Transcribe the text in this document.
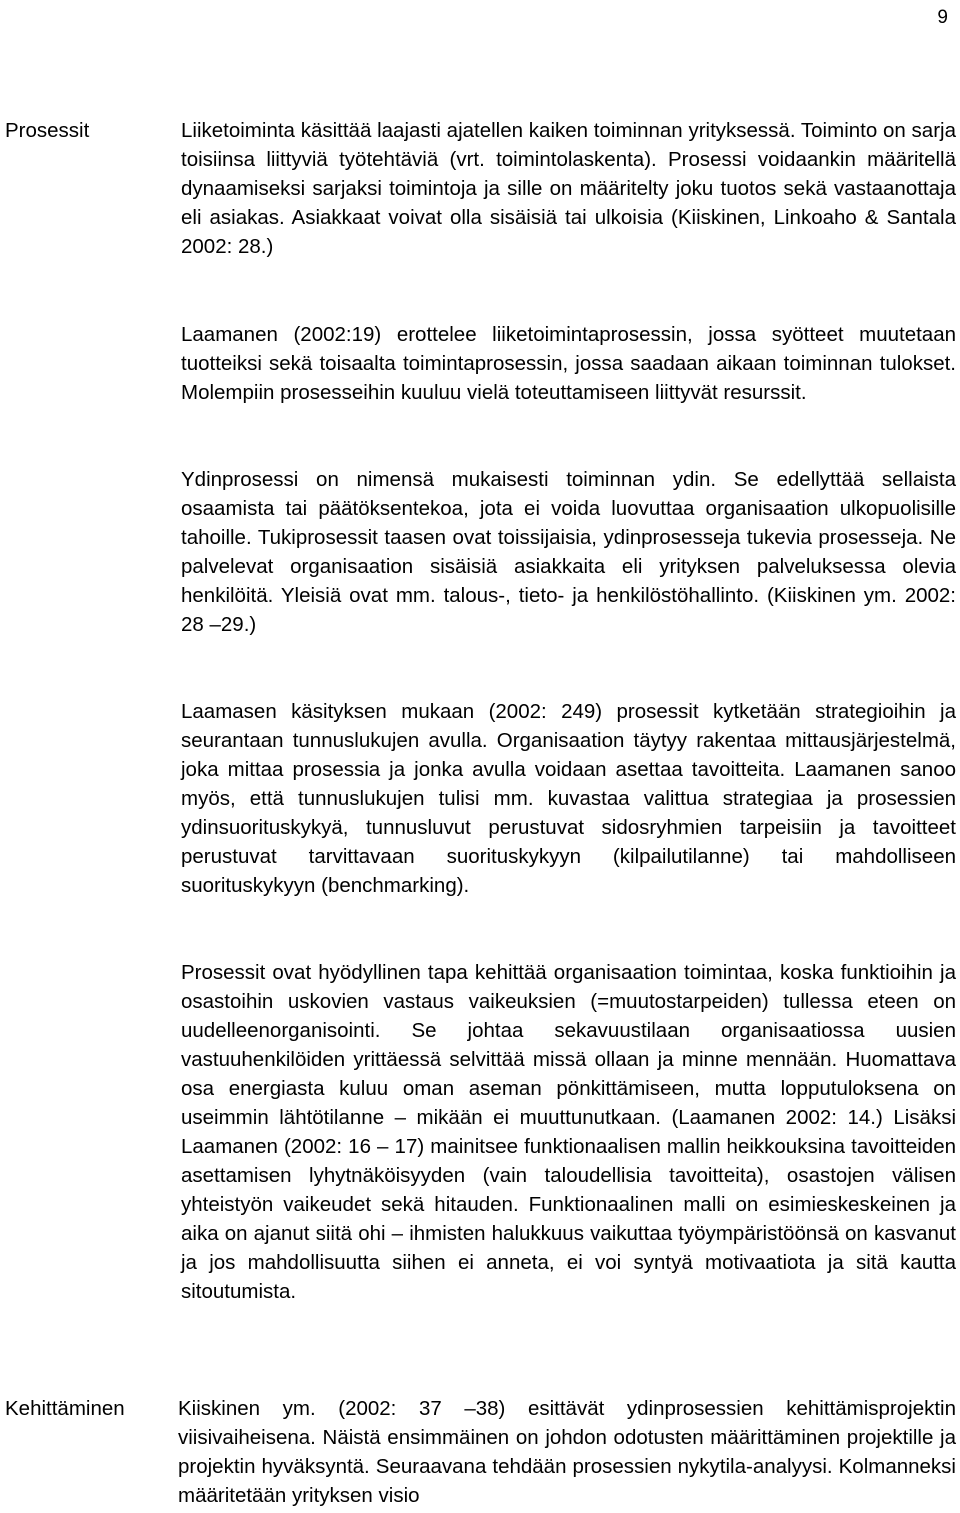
9
Prosessit	Liiketoiminta käsittää laajasti ajatellen kaiken toiminnan yrityksessä. Toiminto on sarja toisiinsa liittyviä työtehtäviä (vrt. toimintolaskenta). Prosessi voidaankin määritellä dynaamiseksi sarjaksi toimintoja ja sille on määritelty joku tuotos sekä vastaanottaja eli asiakas. Asiakkaat voivat olla sisäisiä tai ulkoisia (Kiiskinen, Linkoaho & Santala 2002: 28.)

Laamanen (2002:19) erottelee liiketoimintaprosessin, jossa syötteet muutetaan tuotteiksi sekä toisaalta toimintaprosessin, jossa saadaan aikaan toiminnan tulokset. Molempiin prosesseihin kuuluu vielä toteuttamiseen liittyvät resurssit.

Ydinprosessi on nimensä mukaisesti toiminnan ydin. Se edellyttää sellaista osaamista tai päätöksentekoa, jota ei voida luovuttaa organisaation ulkopuolisille tahoille. Tukiprosessit taasen ovat toissijaisia, ydinprosesseja tukevia prosesseja. Ne palvelevat organisaation sisäisiä asiakkaita eli yrityksen palveluksessa olevia henkilöitä. Yleisiä ovat mm. talous-, tieto- ja henkilöstöhallinto. (Kiiskinen ym. 2002: 28 –29.)

Laamasen käsityksen mukaan (2002: 249) prosessit kytketään strategioihin ja seurantaan tunnuslukujen avulla. Organisaation täytyy rakentaa mittausjärjestelmä, joka mittaa prosessia ja jonka avulla voidaan asettaa tavoitteita. Laamanen sanoo myös, että tunnuslukujen tulisi mm. kuvastaa valittua strategiaa ja prosessien ydinsuorituskykyä, tunnusluvut perustuvat sidosryhmien tarpeisiin ja tavoitteet perustuvat tarvittavaan suorituskykyyn (kilpailutilanne) tai mahdolliseen suorituskykyyn (benchmarking).

Prosessit ovat hyödyllinen tapa kehittää organisaation toimintaa, koska funktioihin ja osastoihin uskovien vastaus vaikeuksien (=muutostarpeiden) tullessa eteen on uudelleenorganisointi. Se johtaa sekavuustilaan organisaatiossa uusien vastuuhenkilöiden yrittäessä selvittää missä ollaan ja minne mennään. Huomattava osa energiasta kuluu oman aseman pönkittämiseen, mutta lopputuloksena on useimmin lähtötilanne – mikään ei muuttunutkaan. (Laamanen 2002: 14.) Lisäksi Laamanen (2002: 16 – 17) mainitsee funktionaalisen mallin heikkouksina tavoitteiden asettamisen lyhytnäköisyyden (vain taloudellisia tavoitteita), osastojen välisen yhteistyön vaikeudet sekä hitauden. Funktionaalinen malli on esimieskeskeinen ja aika on ajanut siitä ohi – ihmisten halukkuus vaikuttaa työympäristöönsä on kasvanut ja jos mahdollisuutta siihen ei anneta, ei voi syntyä motivaatiota ja sitä kautta sitoutumista.

Kehittäminen	Kiiskinen ym. (2002: 37 –38) esittävät ydinprosessien kehittämisprojektin viisivaiheisena. Näistä ensimmäinen on johdon odotusten määrittäminen projektille ja projektin hyväksyntä. Seuraavana tehdään prosessien nykytila-analyysi. Kolmanneksi määritetään yrityksen visio
